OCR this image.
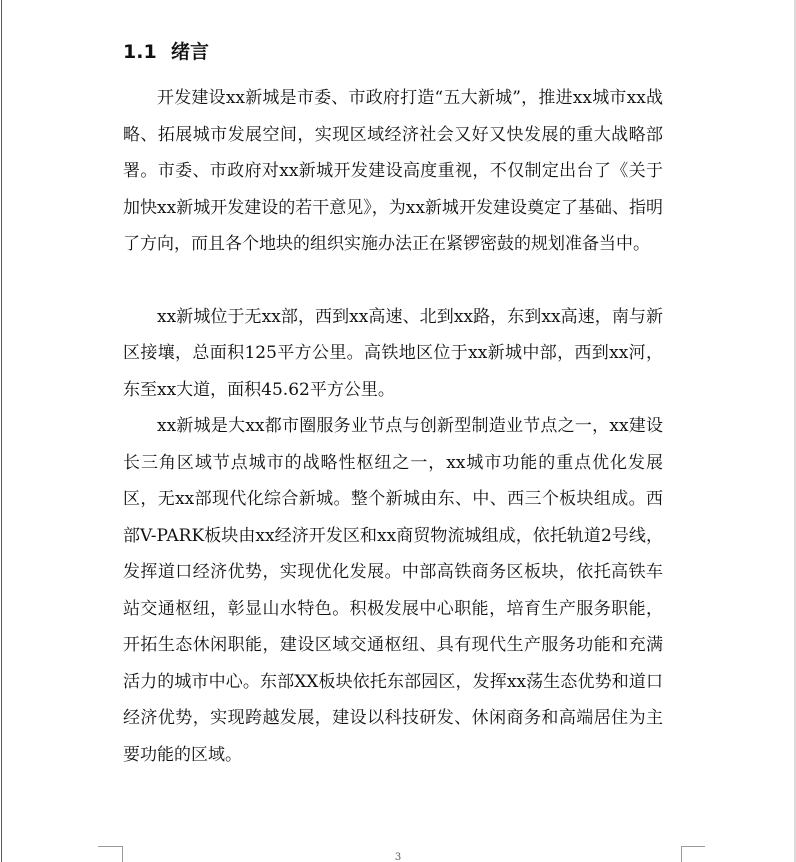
1.1 绪言

开发建设xx新城是市委、市政府打造“五大新城”，推进xx城市xx战略、拓展城市发展空间，实现区域经济社会又好又快发展的重大战略部署。市委、市政府对xx新城开发建设高度重视，不仅制定出台了《关于加快xx新城开发建设的若干意见》，为xx新城开发建设奠定了基础、指明了方向，而且各个地块的组织实施办法正在紧锣密鼓的规划准备当中。

xx新城位于无xx部，西到xx高速、北到xx路，东到xx高速，南与新区接壤，总面积125平方公里。高铁地区位于xx新城中部，西到xx河，东至xx大道，面积45.62平方公里。

xx新城是大xx都市圈服务业节点与创新型制造业节点之一，xx建设长三角区域节点城市的战略性枢纽之一，xx城市功能的重点优化发展区，无xx部现代化综合新城。整个新城由东、中、西三个板块组成。西部V-PARK板块由xx经济开发区和xx商贸物流城组成，依托轨道2号线，发挥道口经济优势，实现优化发展。中部高铁商务区板块，依托高铁车站交通枢纽，彰显山水特色。积极发展中心职能，培育生产服务职能，开拓生态休闲职能，建设区域交通枢纽、具有现代生产服务功能和充满活力的城市中心。东部XX板块依托东部园区，发挥xx荡生态优势和道口经济优势，实现跨越发展，建设以科技研发、休闲商务和高端居住为主要功能的区域。

3
